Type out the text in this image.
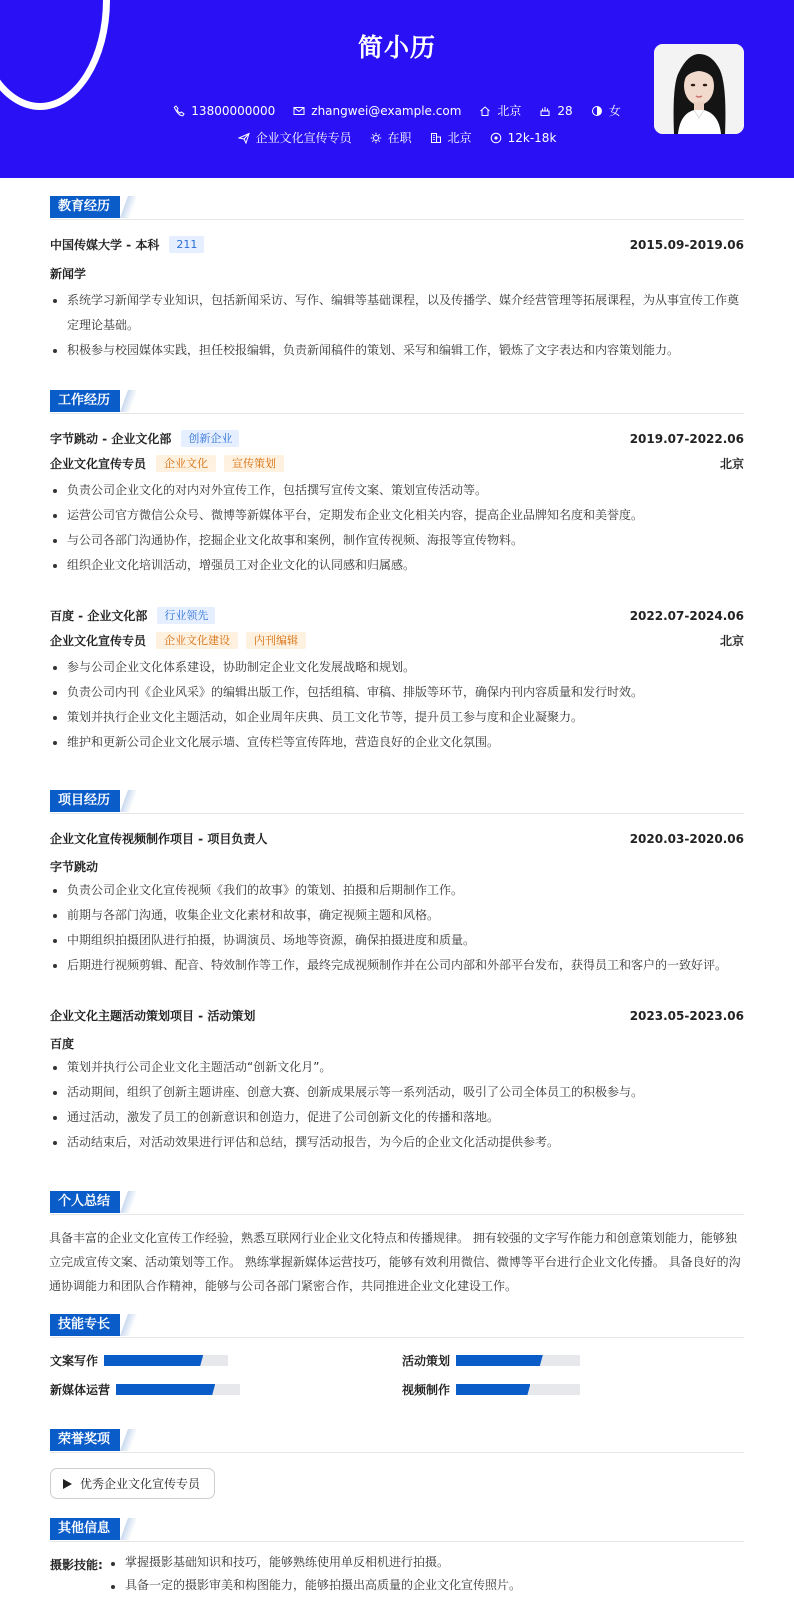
简小历
13800000000	zhangwei@example.com	北京	28	女
企业文化宣传专员	在职	北京	12k-18k
教育经历
中国传媒大学 - 本科	211	2015.09-2019.06
新闻学
系统学习新闻学专业知识，包括新闻采访、写作、编辑等基础课程，以及传播学、媒介经营管理等拓展课程，为从事宣传工作奠定理论基础。
积极参与校园媒体实践，担任校报编辑，负责新闻稿件的策划、采写和编辑工作，锻炼了文字表达和内容策划能力。
工作经历
字节跳动 - 企业文化部	创新企业	2019.07-2022.06
企业文化宣传专员	企业文化	宣传策划	北京
负责公司企业文化的对内对外宣传工作，包括撰写宣传文案、策划宣传活动等。
运营公司官方微信公众号、微博等新媒体平台，定期发布企业文化相关内容，提高企业品牌知名度和美誉度。
与公司各部门沟通协作，挖掘企业文化故事和案例，制作宣传视频、海报等宣传物料。
组织企业文化培训活动，增强员工对企业文化的认同感和归属感。
百度 - 企业文化部	行业领先	2022.07-2024.06
企业文化宣传专员	企业文化建设	内刊编辑	北京
参与公司企业文化体系建设，协助制定企业文化发展战略和规划。
负责公司内刊《企业风采》的编辑出版工作，包括组稿、审稿、排版等环节，确保内刊内容质量和发行时效。
策划并执行企业文化主题活动，如企业周年庆典、员工文化节等，提升员工参与度和企业凝聚力。
维护和更新公司企业文化展示墙、宣传栏等宣传阵地，营造良好的企业文化氛围。
项目经历
企业文化宣传视频制作项目 - 项目负责人	2020.03-2020.06
字节跳动
负责公司企业文化宣传视频《我们的故事》的策划、拍摄和后期制作工作。
前期与各部门沟通，收集企业文化素材和故事，确定视频主题和风格。
中期组织拍摄团队进行拍摄，协调演员、场地等资源，确保拍摄进度和质量。
后期进行视频剪辑、配音、特效制作等工作，最终完成视频制作并在公司内部和外部平台发布，获得员工和客户的一致好评。
企业文化主题活动策划项目 - 活动策划	2023.05-2023.06
百度
策划并执行公司企业文化主题活动“创新文化月”。
活动期间，组织了创新主题讲座、创意大赛、创新成果展示等一系列活动，吸引了公司全体员工的积极参与。
通过活动，激发了员工的创新意识和创造力，促进了公司创新文化的传播和落地。
活动结束后，对活动效果进行评估和总结，撰写活动报告，为今后的企业文化活动提供参考。
个人总结
具备丰富的企业文化宣传工作经验，熟悉互联网行业企业文化特点和传播规律。 拥有较强的文字写作能力和创意策划能力，能够独立完成宣传文案、活动策划等工作。 熟练掌握新媒体运营技巧，能够有效利用微信、微博等平台进行企业文化传播。 具备良好的沟通协调能力和团队合作精神，能够与公司各部门紧密合作，共同推进企业文化建设工作。
技能专长
文案写作	活动策划
新媒体运营	视频制作
荣誉奖项
优秀企业文化宣传专员
其他信息
摄影技能:	掌握摄影基础知识和技巧，能够熟练使用单反相机进行拍摄。
具备一定的摄影审美和构图能力，能够拍摄出高质量的企业文化宣传照片。
